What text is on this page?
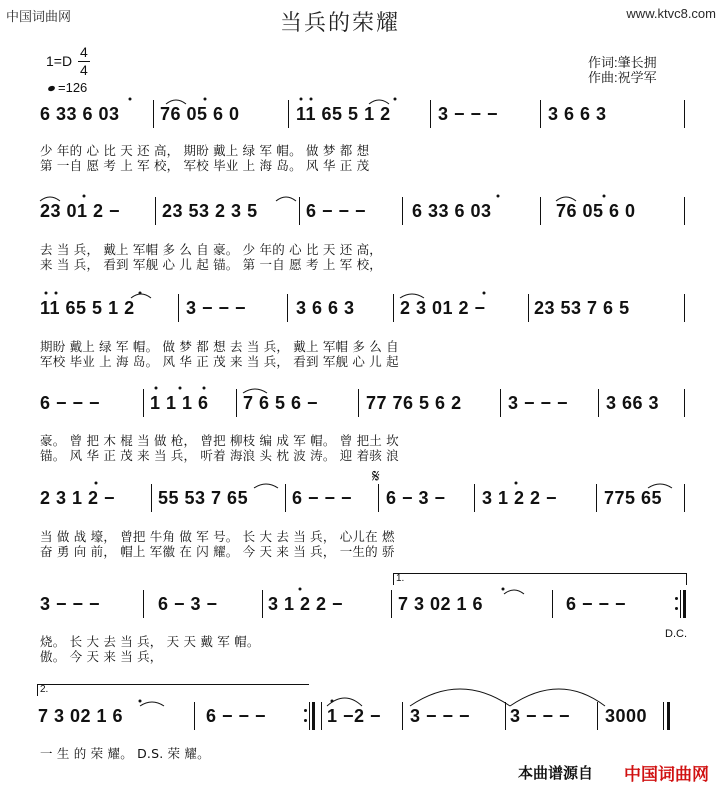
中国词曲网	www.ktvc8.com
当兵的荣耀
1=D
4
4
=126
作词:肇长拥
作曲:祝学军
6 33 6 03 76 05 6 0	11 65 5 1 2	3 − − −	3 6 6 3
少 年的 心 比 天 还 高， 期盼 戴上 绿 军 帽。 做 梦 都 想
第 一自 愿 考 上 军 校， 军校 毕业 上 海 岛。 风 华 正 茂
23 01 2 − 23 53 2 3 5	6 − − −	6 33 6 03	76 05 6 0
去 当 兵， 戴上 军帽 多 么 自 豪。 少 年的 心 比 天 还 高，
来 当 兵， 看到 军舰 心 儿 起 锚。 第 一自 愿 考 上 军 校，
11 65 5 1 2	3 − − −	3 6 6 3	2 3 01 2 −	23 53 7 6 5
期盼 戴上 绿 军 帽。 做 梦 都 想 去 当 兵， 戴上 军帽 多 么 自
军校 毕业 上 海 岛。 风 华 正 茂 来 当 兵， 看到 军舰 心 儿 起
6 − − −	1 1 1 6 7 6 5 6 −	77 76 5 6 2	3 − − − 3 66 3
豪。 曾 把 木 棍 当 做 枪， 曾把 柳枝 编 成 军 帽。 曾 把土 坎
锚。 风 华 正 茂 来 当 兵， 听着 海浪 头 枕 波 涛。 迎 着骇 浪
2 3 1 2 − 55 53 7 65 6 − − −
𝄋
6 − 3 − 3 1 2 2 −	775 65
当 做 战 壕， 曾把 牛角 做 军 号。 长 大 去 当 兵， 心儿在 燃
奋 勇 向 前， 帽上 军徽 在 闪 耀。 今 天 来 当 兵， 一生的 骄
1.
3 − − −	6 − 3 −	3 1 2 2 −	7 3 02 1 6	6 − − −
D.C.
烧。 长 大 去 当 兵， 天 天 戴 军 帽。
傲。 今 天 来 当 兵，
2.
7 3 02 1 6	6 − − −	1 −2 − 3 − − − 3 − − − 3000
一 生 的 荣 耀。 D.S. 荣 耀。
本曲谱源自 中国词曲网
